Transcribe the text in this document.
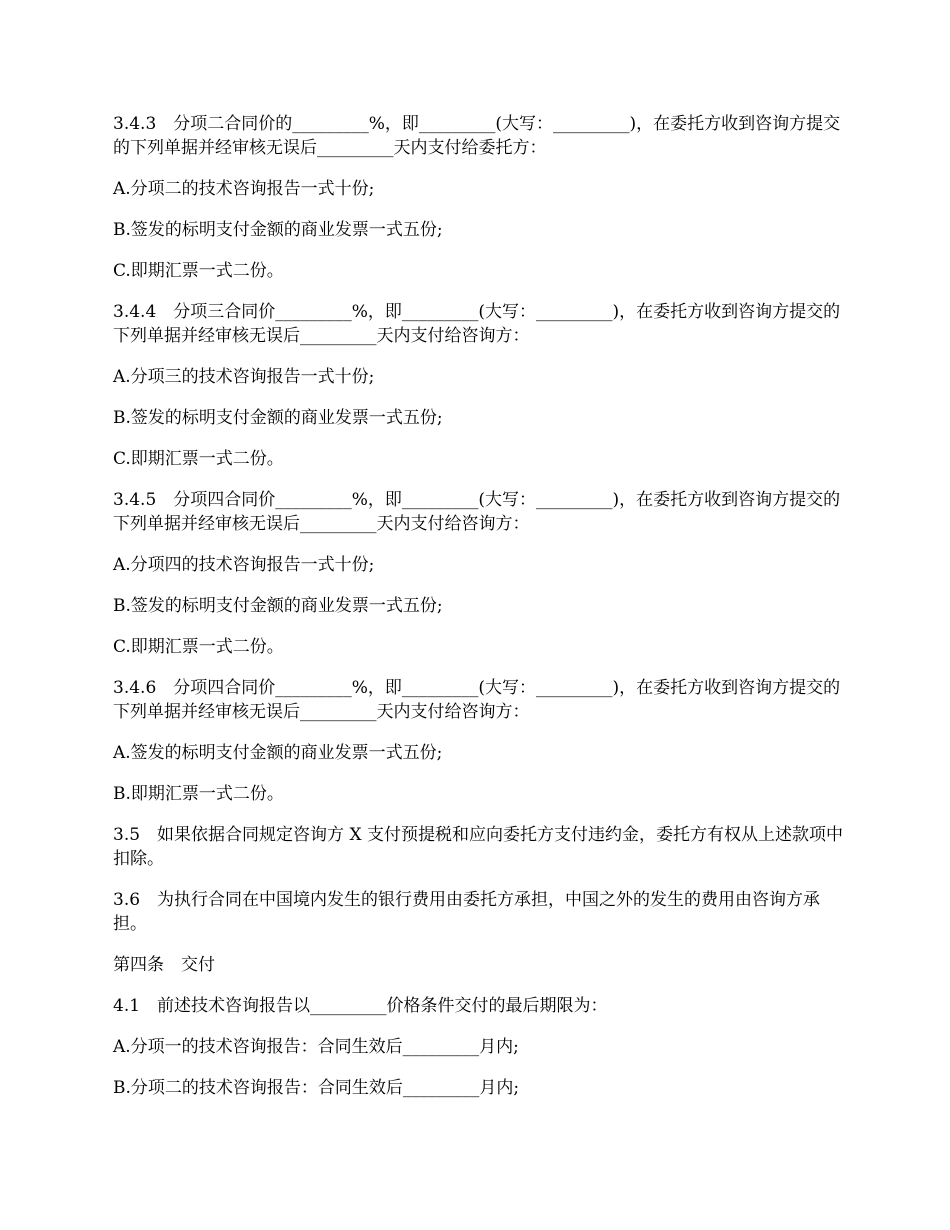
3.4.3　分项二合同价的_________%，即_________(大写：_________)，在委托方收到咨询方提交的下列单据并经审核无误后_________天内支付给委托方：

A.分项二的技术咨询报告一式十份;

B.签发的标明支付金额的商业发票一式五份;

C.即期汇票一式二份。

3.4.4　分项三合同价_________%，即_________(大写：_________)，在委托方收到咨询方提交的下列单据并经审核无误后_________天内支付给咨询方：

A.分项三的技术咨询报告一式十份;

B.签发的标明支付金额的商业发票一式五份;

C.即期汇票一式二份。

3.4.5　分项四合同价_________%，即_________(大写：_________)，在委托方收到咨询方提交的下列单据并经审核无误后_________天内支付给咨询方：

A.分项四的技术咨询报告一式十份;

B.签发的标明支付金额的商业发票一式五份;

C.即期汇票一式二份。

3.4.6　分项四合同价_________%，即_________(大写：_________)，在委托方收到咨询方提交的下列单据并经审核无误后_________天内支付给咨询方：

A.签发的标明支付金额的商业发票一式五份;

B.即期汇票一式二份。

3.5　如果依据合同规定咨询方 X 支付预提税和应向委托方支付违约金，委托方有权从上述款项中扣除。

3.6　为执行合同在中国境内发生的银行费用由委托方承担，中国之外的发生的费用由咨询方承担。

第四条　交付

4.1　前述技术咨询报告以_________价格条件交付的最后期限为：

A.分项一的技术咨询报告：合同生效后_________月内;

B.分项二的技术咨询报告：合同生效后_________月内;
